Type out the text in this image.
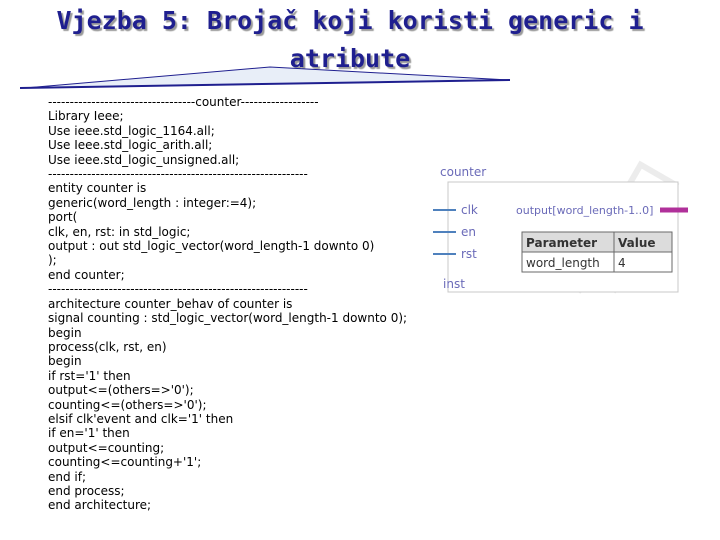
Vjezba 5: Brojač koji koristi generic i
atribute
----------------------------------counter------------------
Library Ieee;
Use ieee.std_logic_1164.all;
Use Ieee.std_logic_arith.all;
Use ieee.std_logic_unsigned.all;
------------------------------------------------------------
entity counter is
generic(word_length : integer:=4);
port(
clk, en, rst: in std_logic;
output : out std_logic_vector(word_length-1 downto 0)
);
end counter;
------------------------------------------------------------
architecture counter_behav of counter is
signal counting : std_logic_vector(word_length-1 downto 0);
begin
process(clk, rst, en)
begin
if rst='1' then
output<=(others=>'0');
counting<=(others=>'0');
elsif clk'event and clk='1' then
if en='1' then
output<=counting;
counting<=counting+'1';
end if;
end process;
end architecture;
counter
clk
en
rst
output[word_length-1..0]
Parameter Value
word_length 4
inst
